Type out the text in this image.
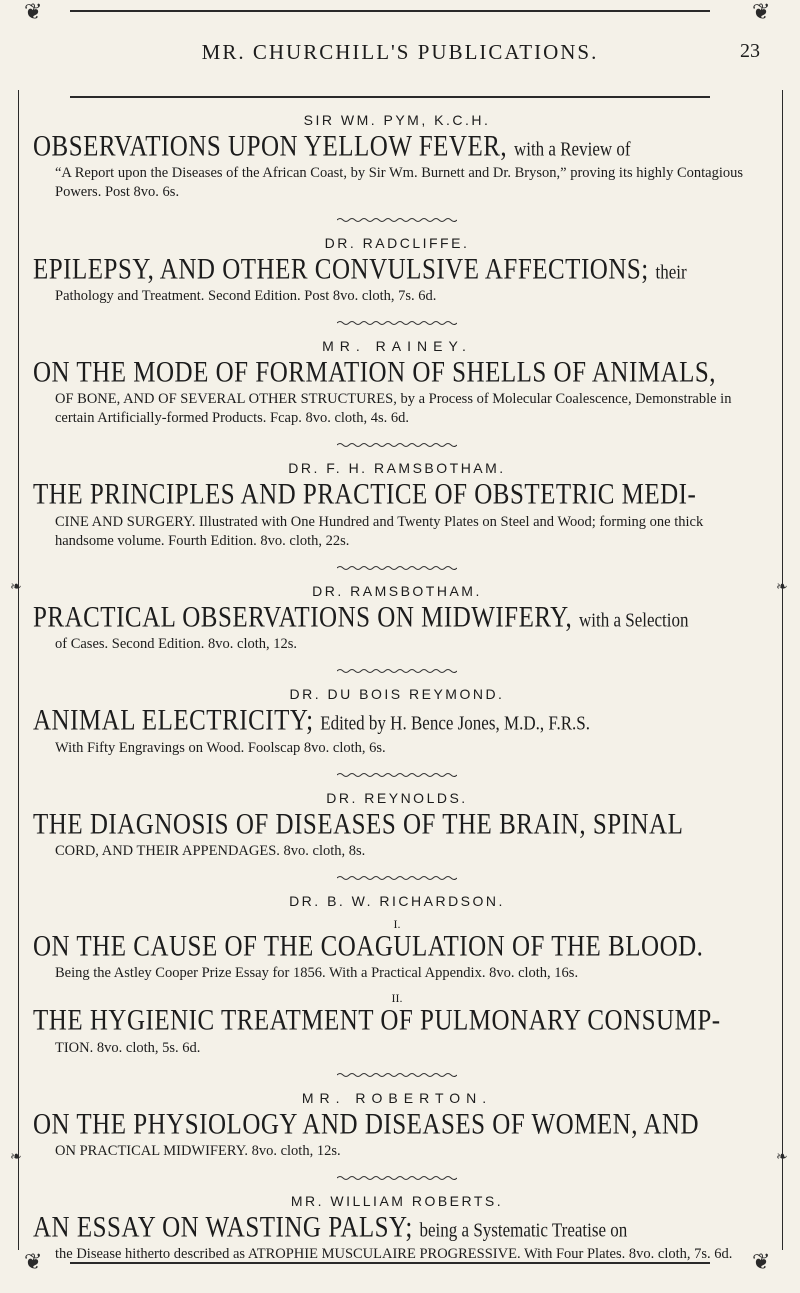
❦	❦
❦	❦
❧	❧
❧	❧
MR. CHURCHILL'S PUBLICATIONS.	23

SIR WM. PYM, K.C.H.

OBSERVATIONS UPON YELLOW FEVER, with a Review of

“A Report upon the Diseases of the African Coast, by Sir Wm. Burnett and Dr. Bryson,” proving its highly Contagious Powers. Post 8vo. 6s.

DR. RADCLIFFE.

EPILEPSY, AND OTHER CONVULSIVE AFFECTIONS; their

Pathology and Treatment. Second Edition. Post 8vo. cloth, 7s. 6d.

MR. RAINEY.

ON THE MODE OF FORMATION OF SHELLS OF ANIMALS,

OF BONE, AND OF SEVERAL OTHER STRUCTURES, by a Process of Molecular Coalescence, Demonstrable in certain Artificially-formed Products. Fcap. 8vo. cloth, 4s. 6d.

DR. F. H. RAMSBOTHAM.

THE PRINCIPLES AND PRACTICE OF OBSTETRIC MEDI-

CINE AND SURGERY. Illustrated with One Hundred and Twenty Plates on Steel and Wood; forming one thick handsome volume. Fourth Edition. 8vo. cloth, 22s.

DR. RAMSBOTHAM.

PRACTICAL OBSERVATIONS ON MIDWIFERY, with a Selection

of Cases. Second Edition. 8vo. cloth, 12s.

DR. DU BOIS REYMOND.

ANIMAL ELECTRICITY; Edited by H. Bence Jones, M.D., F.R.S.

With Fifty Engravings on Wood. Foolscap 8vo. cloth, 6s.

DR. REYNOLDS.

THE DIAGNOSIS OF DISEASES OF THE BRAIN, SPINAL

CORD, AND THEIR APPENDAGES. 8vo. cloth, 8s.

DR. B. W. RICHARDSON.

I.

ON THE CAUSE OF THE COAGULATION OF THE BLOOD.

Being the Astley Cooper Prize Essay for 1856. With a Practical Appendix. 8vo. cloth, 16s.

II.

THE HYGIENIC TREATMENT OF PULMONARY CONSUMP-

TION. 8vo. cloth, 5s. 6d.

MR. ROBERTON.

ON THE PHYSIOLOGY AND DISEASES OF WOMEN, AND

ON PRACTICAL MIDWIFERY. 8vo. cloth, 12s.

MR. WILLIAM ROBERTS.

AN ESSAY ON WASTING PALSY; being a Systematic Treatise on

the Disease hitherto described as ATROPHIE MUSCULAIRE PROGRESSIVE. With Four Plates. 8vo. cloth, 7s. 6d.
